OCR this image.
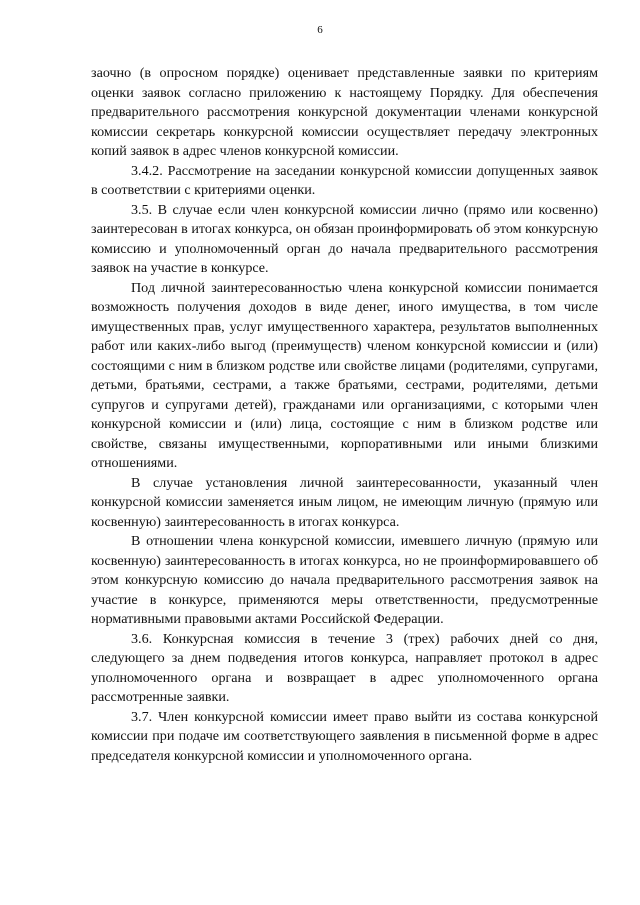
6

заочно (в опросном порядке) оценивает представленные заявки по критериям оценки заявок согласно приложению к настоящему Порядку. Для обеспечения предварительного рассмотрения конкурсной документации членами конкурсной комиссии секретарь конкурсной комиссии осуществляет передачу электронных копий заявок в адрес членов конкурсной комиссии.

3.4.2. Рассмотрение на заседании конкурсной комиссии допущенных заявок в соответствии с критериями оценки.

3.5. В случае если член конкурсной комиссии лично (прямо или косвенно) заинтересован в итогах конкурса, он обязан проинформировать об этом конкурсную комиссию и уполномоченный орган до начала предварительного рассмотрения заявок на участие в конкурсе.

Под личной заинтересованностью члена конкурсной комиссии понимается возможность получения доходов в виде денег, иного имущества, в том числе имущественных прав, услуг имущественного характера, результатов выполненных работ или каких-либо выгод (преимуществ) членом конкурсной комиссии и (или) состоящими с ним в близком родстве или свойстве лицами (родителями, супругами, детьми, братьями, сестрами, а также братьями, сестрами, родителями, детьми супругов и супругами детей), гражданами или организациями, с которыми член конкурсной комиссии и (или) лица, состоящие с ним в близком родстве или свойстве, связаны имущественными, корпоративными или иными близкими отношениями.

В случае установления личной заинтересованности, указанный член конкурсной комиссии заменяется иным лицом, не имеющим личную (прямую или косвенную) заинтересованность в итогах конкурса.

В отношении члена конкурсной комиссии, имевшего личную (прямую или косвенную) заинтересованность в итогах конкурса, но не проинформировавшего об этом конкурсную комиссию до начала предварительного рассмотрения заявок на участие в конкурсе, применяются меры ответственности, предусмотренные нормативными правовыми актами Российской Федерации.

3.6. Конкурсная комиссия в течение 3 (трех) рабочих дней со дня, следующего за днем подведения итогов конкурса, направляет протокол в адрес уполномоченного органа и возвращает в адрес уполномоченного органа рассмотренные заявки.

3.7. Член конкурсной комиссии имеет право выйти из состава конкурсной комиссии при подаче им соответствующего заявления в письменной форме в адрес председателя конкурсной комиссии и уполномоченного органа.
